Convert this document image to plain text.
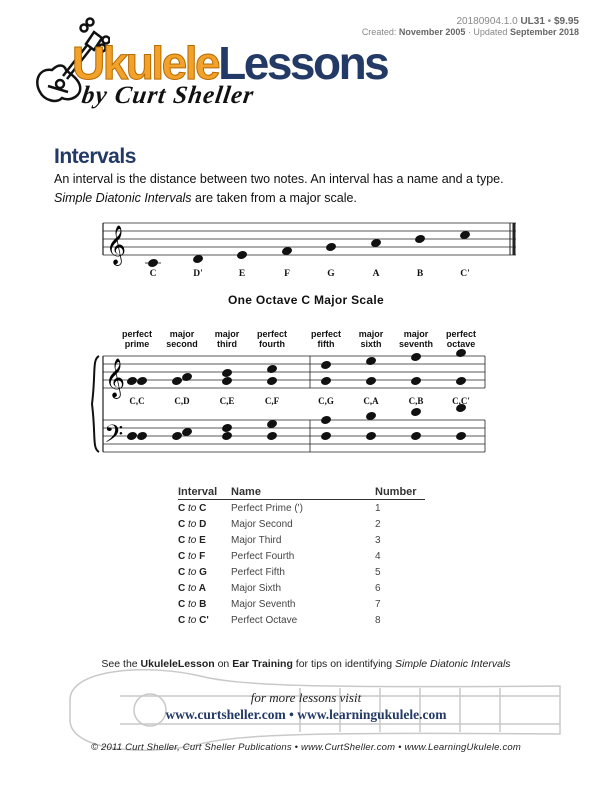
20180904.1.0 UL31 • $9.95
Created: November 2005 · Updated September 2018
UkuleleLessons
by Curt Sheller
Intervals
An interval is the distance between two notes. An interval has a name and a type.
Simple Diatonic Intervals are taken from a major scale.
𝄞
C	D'	E	F	G	A	B	C'
One Octave C Major Scale
perfect
prime
major
second
major
third
perfect
fourth
perfect
fifth
major
sixth
major
seventh
perfect
octave
𝄞
𝄢
C,C	C,D	C,E	C,F	C,G	C,A	C,B	C,C'
Interval	Name	Number
C to C	Perfect Prime (')	1
C to D	Major Second	2
C to E	Major Third	3
C to F	Perfect Fourth	4
C to G	Perfect Fifth	5
C to A	Major Sixth	6
C to B	Major Seventh	7
C to C'	Perfect Octave	8
See the UkuleleLesson on Ear Training for tips on identifying Simple Diatonic Intervals
for more lessons visit
www.curtsheller.com • www.learningukulele.com
© 2011 Curt Sheller, Curt Sheller Publications • www.CurtSheller.com • www.LearningUkulele.com
